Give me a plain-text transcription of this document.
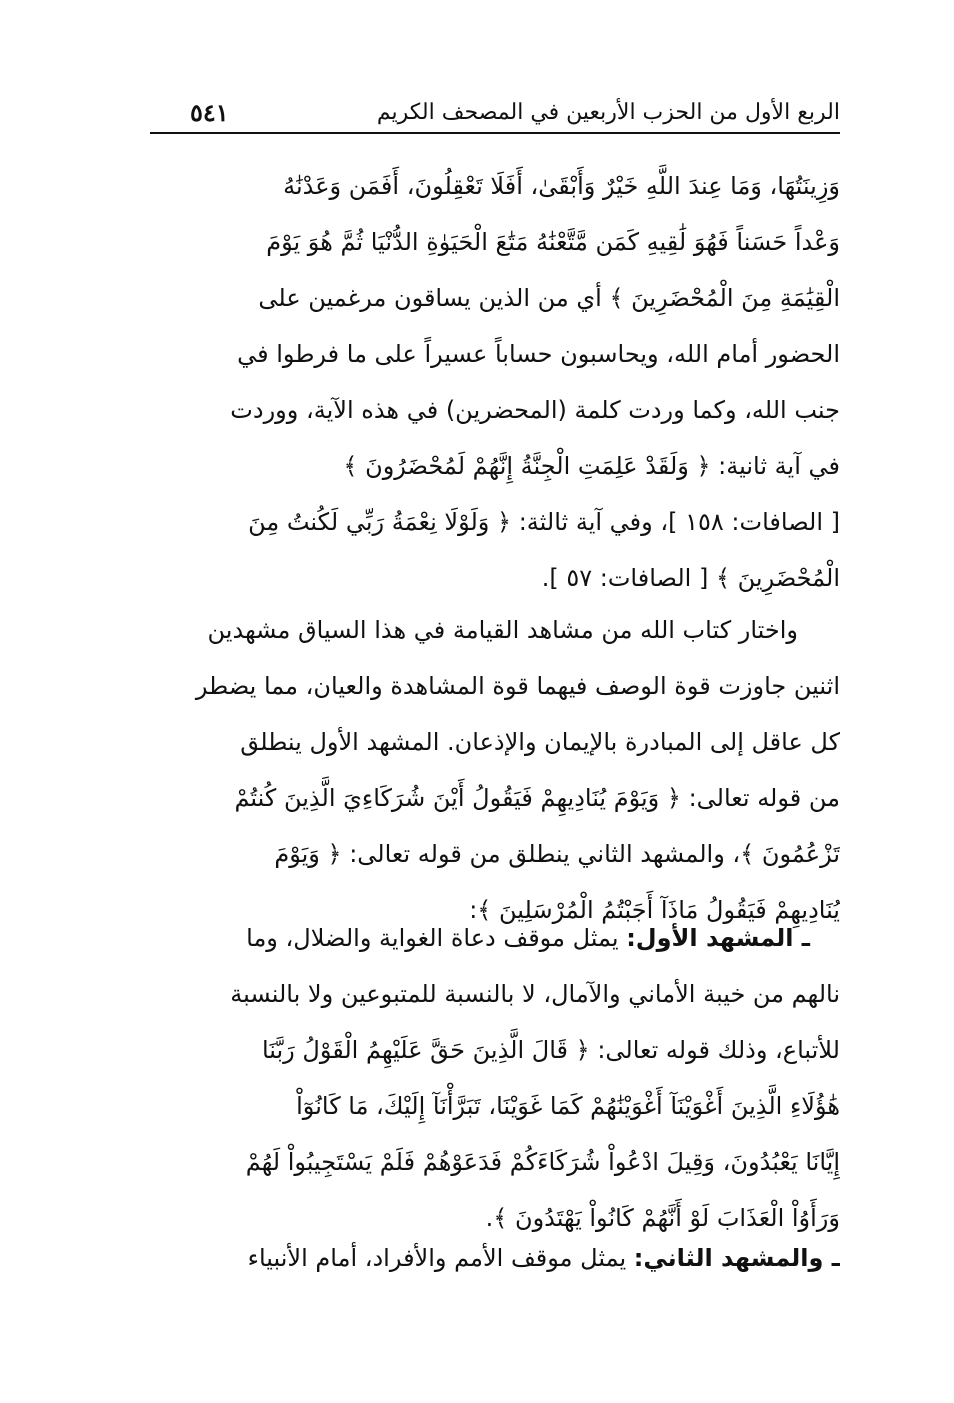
الربع الأول من الحزب الأربعين في المصحف الكريم
٥٤١
وَزِينَتُهَا، وَمَا عِندَ اللَّهِ خَيْرٌ وَأَبْقَىٰ، أَفَلَا تَعْقِلُونَ، أَفَمَن وَعَدْنَٰهُ
وَعْداً حَسَناً فَهُوَ لَٰقِيهِ كَمَن مَّتَّعْنَٰهُ مَتَٰعَ الْحَيَوٰةِ الدُّنْيَا ثُمَّ هُوَ يَوْمَ
الْقِيَٰمَةِ مِنَ الْمُحْضَرِينَ ﴾ أي من الذين يساقون مرغمين على
الحضور أمام الله، ويحاسبون حساباً عسيراً على ما فرطوا في
جنب الله، وكما وردت كلمة (المحضرين) في هذه الآية، ووردت
في آية ثانية: ﴿ وَلَقَدْ عَلِمَتِ الْجِنَّةُ إِنَّهُمْ لَمُحْضَرُونَ ﴾
[ الصافات: ١٥٨ ]، وفي آية ثالثة: ﴿ وَلَوْلَا نِعْمَةُ رَبِّي لَكُنتُ مِنَ
الْمُحْضَرِينَ ﴾ [ الصافات: ٥٧ ].
واختار كتاب الله من مشاهد القيامة في هذا السياق مشهدين
اثنين جاوزت قوة الوصف فيهما قوة المشاهدة والعيان، مما يضطر
كل عاقل إلى المبادرة بالإيمان والإذعان. المشهد الأول ينطلق
من قوله تعالى: ﴿ وَيَوْمَ يُنَادِيهِمْ فَيَقُولُ أَيْنَ شُرَكَاءِيَ الَّذِينَ كُنتُمْ
تَزْعُمُونَ ﴾، والمشهد الثاني ينطلق من قوله تعالى: ﴿ وَيَوْمَ
يُنَادِيهِمْ فَيَقُولُ مَاذَآ أَجَبْتُمُ الْمُرْسَلِينَ ﴾:
ـ المشهد الأول: يمثل موقف دعاة الغواية والضلال، وما
نالهم من خيبة الأماني والآمال، لا بالنسبة للمتبوعين ولا بالنسبة
للأتباع، وذلك قوله تعالى: ﴿ قَالَ الَّذِينَ حَقَّ عَلَيْهِمُ الْقَوْلُ رَبَّنَا
هَٰؤُلَاءِ الَّذِينَ أَغْوَيْنَآ أَغْوَيْنَٰهُمْ كَمَا غَوَيْنَا، تَبَرَّأْنَآ إِلَيْكَ، مَا كَانُوٓاْ
إِيَّانَا يَعْبُدُونَ، وَقِيلَ ادْعُواْ شُرَكَاءَكُمْ فَدَعَوْهُمْ فَلَمْ يَسْتَجِيبُواْ لَهُمْ
وَرَأَوُاْ الْعَذَابَ لَوْ أَنَّهُمْ كَانُواْ يَهْتَدُونَ ﴾.
ـ والمشهد الثاني: يمثل موقف الأمم والأفراد، أمام الأنبياء
